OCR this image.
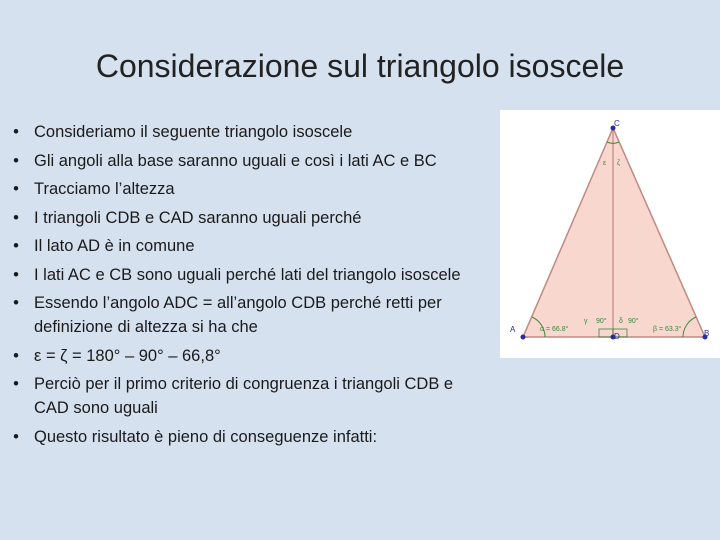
Considerazione sul triangolo isoscele
• Consideriamo il seguente triangolo isoscele
• Gli angoli alla base saranno uguali e così i lati AC e BC
• Tracciamo l’altezza
• I triangoli CDB e CAD saranno uguali perché
• Il lato AD è in comune
• I lati AC e CB sono uguali perché lati del triangolo isoscele
• Essendo l’angolo ADC = all’angolo CDB perché retti per definizione di altezza si ha che
• ε = ζ = 180° – 90° – 66,8°
• Perciò per il primo criterio di congruenza i triangoli CDB e CAD sono uguali
• Questo risultato è pieno di conseguenze infatti:
C
A	B
D
ε ζ
α = 66.8°
γ 90° δ 90°
β = 63.3°
